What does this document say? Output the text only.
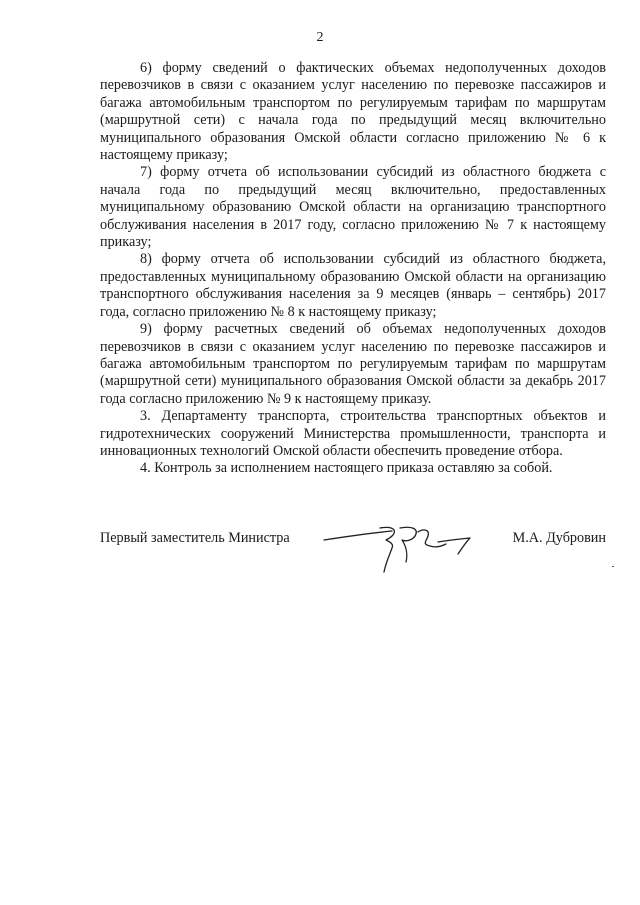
2

6) форму сведений о фактических объемах недополученных доходов перевозчиков в связи с оказанием услуг населению по перевозке пассажиров и багажа автомобильным транспортом по регулируемым тарифам по маршрутам (маршрутной сети) с начала года по предыдущий месяц включительно муниципального образования Омской области согласно приложению № 6 к настоящему приказу;

7) форму отчета об использовании субсидий из областного бюджета с начала года по предыдущий месяц включительно, предоставленных муниципальному образованию Омской области на организацию транспортного обслуживания населения в 2017 году, согласно приложению № 7 к настоящему приказу;

8) форму отчета об использовании субсидий из областного бюджета, предоставленных муниципальному образованию Омской области на организацию транспортного обслуживания населения за 9 месяцев (январь – сентябрь) 2017 года, согласно приложению № 8 к настоящему приказу;

9) форму расчетных сведений об объемах недополученных доходов перевозчиков в связи с оказанием услуг населению по перевозке пассажиров и багажа автомобильным транспортом по регулируемым тарифам по маршрутам (маршрутной сети) муниципального образования Омской области за декабрь 2017 года согласно приложению № 9 к настоящему приказу.

3. Департаменту транспорта, строительства транспортных объектов и гидротехнических сооружений Министерства промышленности, транспорта и инновационных технологий Омской области обеспечить проведение отбора.

4. Контроль за исполнением настоящего приказа оставляю за собой.

Первый заместитель Министра	М.А. Дубровин
